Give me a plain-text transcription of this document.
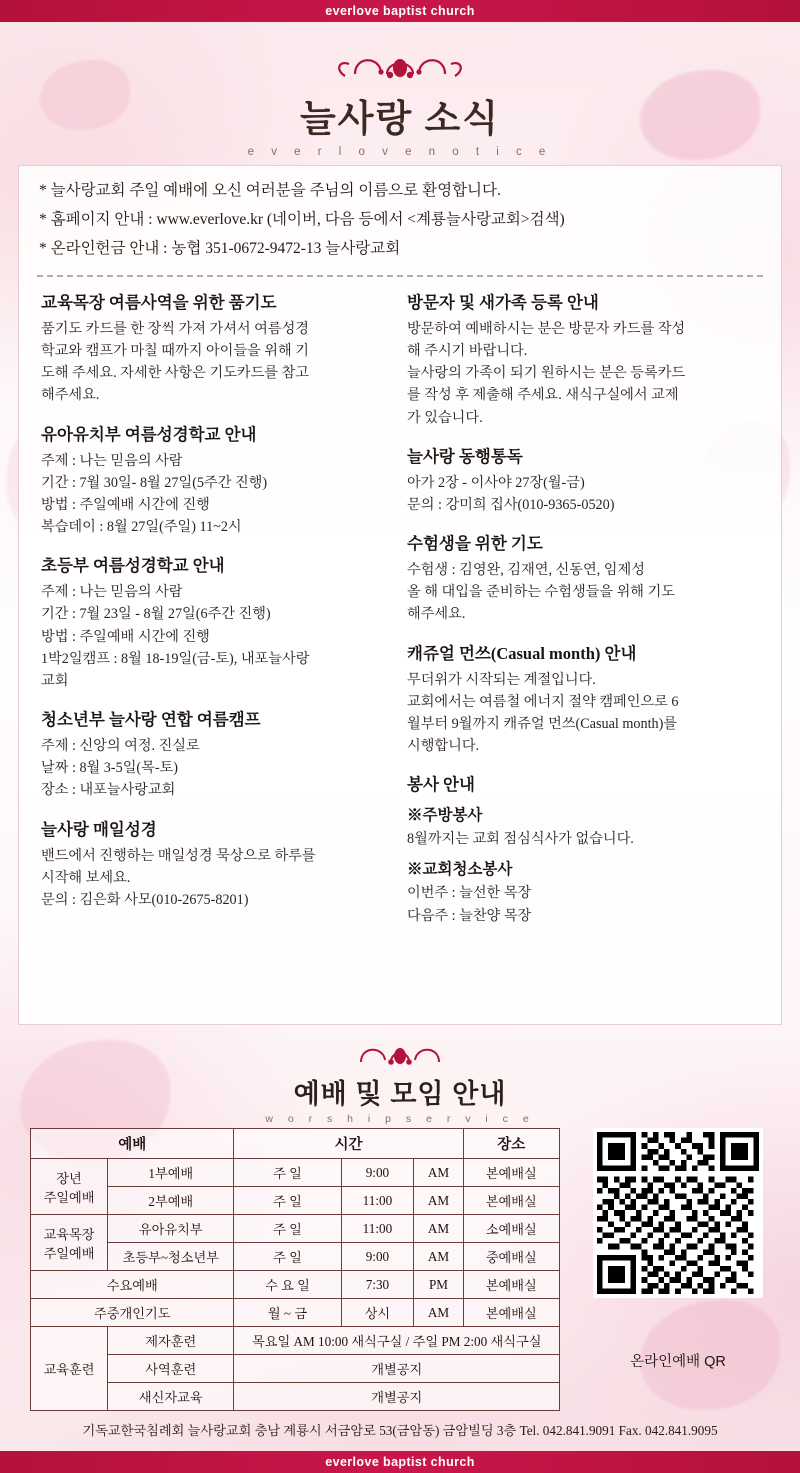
everlove baptist church
늘사랑 소식
e v e r l o v e n o t i c e

* 늘사랑교회 주일 예배에 오신 여러분을 주님의 이름으로 환영합니다.

* 홈페이지 안내 : www.everlove.kr (네이버, 다음 등에서 <계룡늘사랑교회>검색)

* 온라인헌금 안내 : 농협 351-0672-9472-13 늘사랑교회

교육목장 여름사역을 위한 품기도

품기도 카드를 한 장씩 가져 가셔서 여름성경

학교와 캠프가 마칠 때까지 아이들을 위해 기

도해 주세요. 자세한 사항은 기도카드를 참고

해주세요.

유아유치부 여름성경학교 안내

주제 : 나는 믿음의 사람

기간 : 7월 30일- 8월 27일(5주간 진행)

방법 : 주일예배 시간에 진행

복습데이 : 8월 27일(주일) 11~2시

초등부 여름성경학교 안내

주제 : 나는 믿음의 사람

기간 : 7월 23일 - 8월 27일(6주간 진행)

방법 : 주일예배 시간에 진행

1박2일캠프 : 8월 18-19일(금-토), 내포늘사랑

교회

청소년부 늘사랑 연합 여름캠프

주제 : 신앙의 여정. 진실로

날짜 : 8월 3-5일(목-토)

장소 : 내포늘사랑교회

늘사랑 매일성경

밴드에서 진행하는 매일성경 묵상으로 하루를

시작해 보세요.

문의 : 김은화 사모(010-2675-8201)

방문자 및 새가족 등록 안내

방문하여 예배하시는 분은 방문자 카드를 작성

해 주시기 바랍니다.

늘사랑의 가족이 되기 원하시는 분은 등록카드

를 작성 후 제출해 주세요. 새식구실에서 교제

가 있습니다.

늘사랑 동행통독

아가 2장 - 이사야 27장(월-금)

문의 : 강미희 집사(010-9365-0520)

수험생을 위한 기도

수험생 : 김영완, 김재연, 신동연, 임제성

올 해 대입을 준비하는 수험생들을 위해 기도

해주세요.

캐쥬얼 먼쓰(Casual month) 안내

무더위가 시작되는 계절입니다.

교회에서는 여름철 에너지 절약 캠페인으로 6

월부터 9월까지 캐쥬얼 먼쓰(Casual month)를

시행합니다.

봉사 안내
※주방봉사

8월까지는 교회 점심식사가 없습니다.

※교회청소봉사

이번주 : 늘선한 목장

다음주 : 늘찬양 목장

예배 및 모임 안내
w o r s h i p s e r v i c e
예배		시간			장소
장년
주일예배	1부예배	주 일	9:00	AM	본예배실
	2부예배	주 일	11:00	AM	본예배실
교육목장
주일예배	유아유치부	주 일	11:00	AM	소예배실
	초등부~청소년부	주 일	9:00	AM	중예배실
수요예배		수 요 일	7:30	PM	본예배실
주중개인기도		월 ~ 금	상시	AM	본예배실
교육훈련	제자훈련	목요일 AM 10:00 새식구실 / 주일 PM 2:00 새식구실			
	사역훈련	개별공지			
	새신자교육	개별공지			
온라인예배 QR
기독교한국침례회 늘사랑교회 충남 계룡시 서금암로 53(금암동) 금암빌딩 3층 Tel. 042.841.9091 Fax. 042.841.9095
everlove baptist church
